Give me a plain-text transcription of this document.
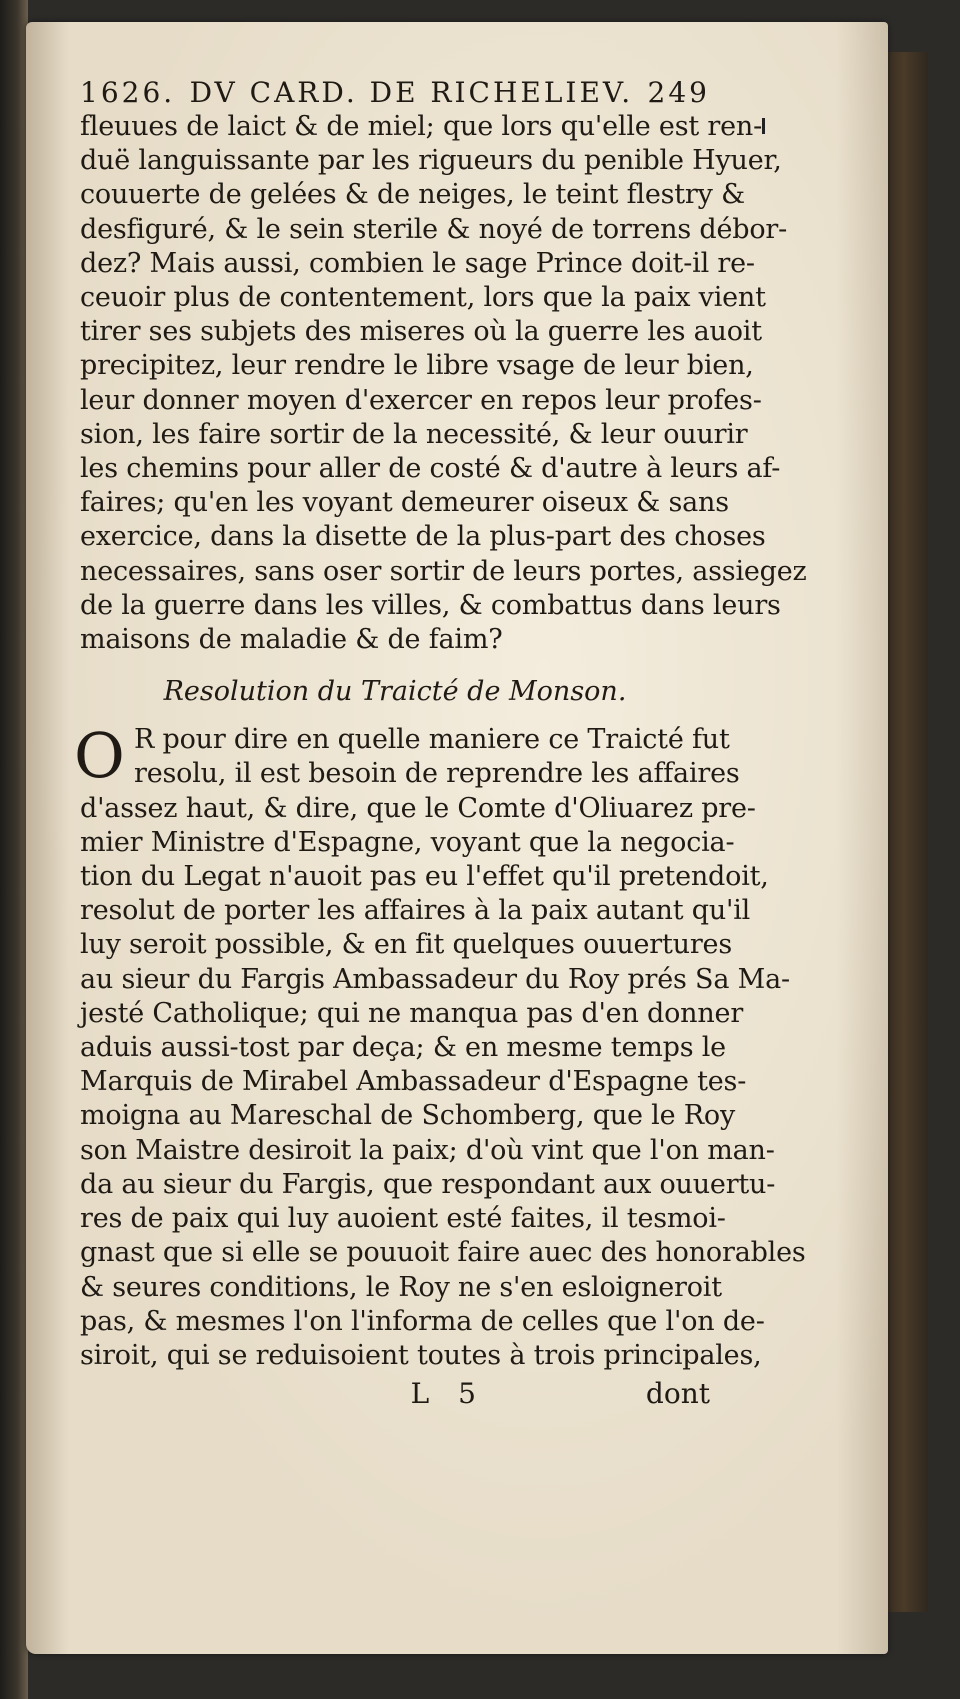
1626. DV CARD. DE RICHELIEV. 249
fleuues de laict & de miel; que lors qu'elle est ren-
duë languissante par les rigueurs du penible Hyuer,
couuerte de gelées & de neiges, le teint flestry &
desfiguré, & le sein sterile & noyé de torrens débor-
dez? Mais aussi, combien le sage Prince doit-il re-
ceuoir plus de contentement, lors que la paix vient
tirer ses subjets des miseres où la guerre les auoit
precipitez, leur rendre le libre vsage de leur bien,
leur donner moyen d'exercer en repos leur profes-
sion, les faire sortir de la necessité, & leur ouurir
les chemins pour aller de costé & d'autre à leurs af-
faires; qu'en les voyant demeurer oiseux & sans
exercice, dans la disette de la plus-part des choses
necessaires, sans oser sortir de leurs portes, assiegez
de la guerre dans les villes, & combattus dans leurs
maisons de maladie & de faim?
Resolution du Traicté de Monson.
O R pour dire en quelle maniere ce Traicté fut
resolu, il est besoin de reprendre les affaires
d'assez haut, & dire, que le Comte d'Oliuarez pre-
mier Ministre d'Espagne, voyant que la negocia-
tion du Legat n'auoit pas eu l'effet qu'il pretendoit,
resolut de porter les affaires à la paix autant qu'il
luy seroit possible, & en fit quelques ouuertures
au sieur du Fargis Ambassadeur du Roy prés Sa Ma-
jesté Catholique; qui ne manqua pas d'en donner
aduis aussi-tost par deça; & en mesme temps le
Marquis de Mirabel Ambassadeur d'Espagne tes-
moigna au Mareschal de Schomberg, que le Roy
son Maistre desiroit la paix; d'où vint que l'on man-
da au sieur du Fargis, que respondant aux ouuertu-
res de paix qui luy auoient esté faites, il tesmoi-
gnast que si elle se pouuoit faire auec des honorables
& seures conditions, le Roy ne s'en esloigneroit
pas, & mesmes l'on l'informa de celles que l'on de-
siroit, qui se reduisoient toutes à trois principales,
L 5	dont
